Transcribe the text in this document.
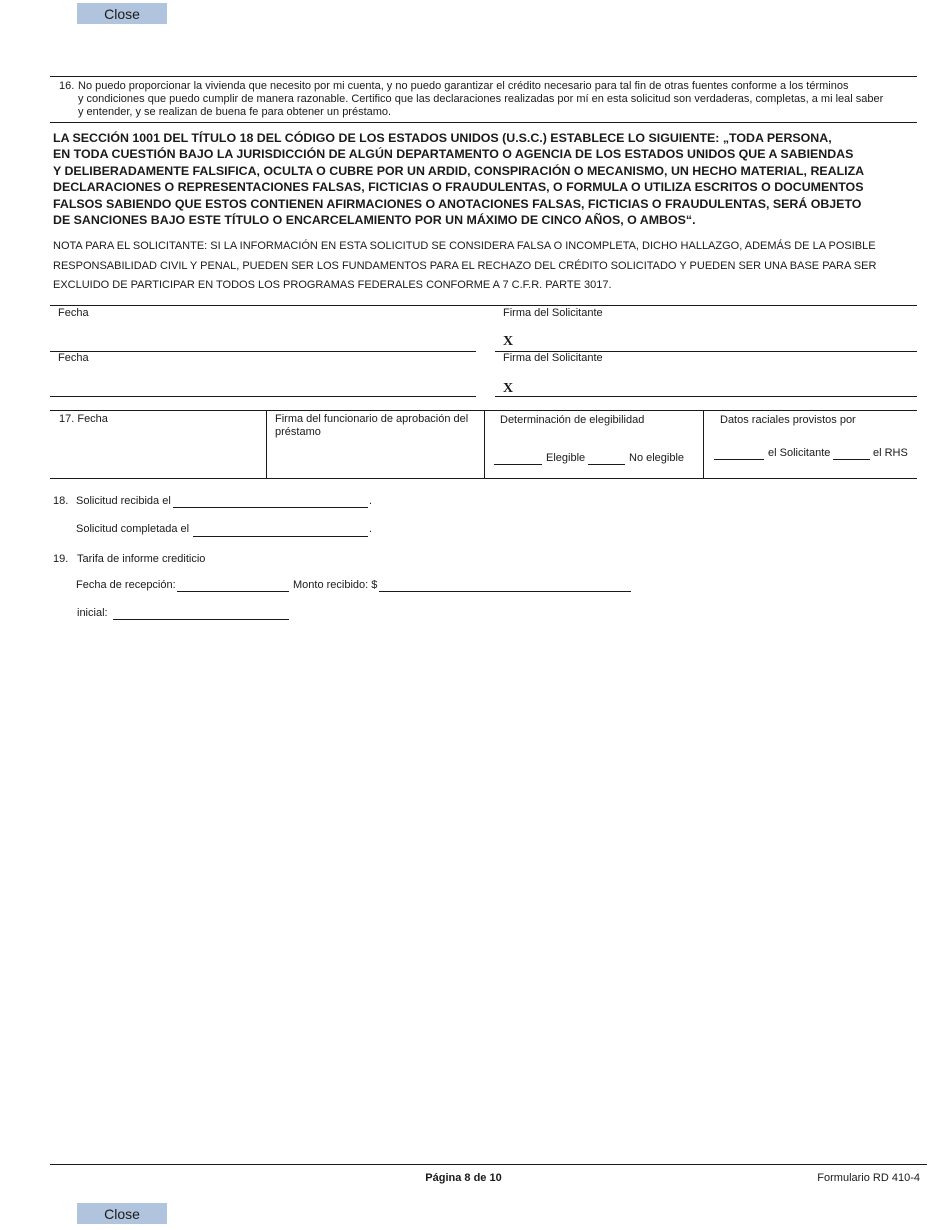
Close
16. No puedo proporcionar la vivienda que necesito por mi cuenta, y no puedo garantizar el crédito necesario para tal fin de otras fuentes conforme a los términos
y condiciones que puedo cumplir de manera razonable. Certifico que las declaraciones realizadas por mí en esta solicitud son verdaderas, completas, a mi leal saber
y entender, y se realizan de buena fe para obtener un préstamo.
LA SECCIÓN 1001 DEL TÍTULO 18 DEL CÓDIGO DE LOS ESTADOS UNIDOS (U.S.C.) ESTABLECE LO SIGUIENTE: „TODA PERSONA,
EN TODA CUESTIÓN BAJO LA JURISDICCIÓN DE ALGÚN DEPARTAMENTO O AGENCIA DE LOS ESTADOS UNIDOS QUE A SABIENDAS
Y DELIBERADAMENTE FALSIFICA, OCULTA O CUBRE POR UN ARDID, CONSPIRACIÓN O MECANISMO, UN HECHO MATERIAL, REALIZA
DECLARACIONES O REPRESENTACIONES FALSAS, FICTICIAS O FRAUDULENTAS, O FORMULA O UTILIZA ESCRITOS O DOCUMENTOS
FALSOS SABIENDO QUE ESTOS CONTIENEN AFIRMACIONES O ANOTACIONES FALSAS, FICTICIAS O FRAUDULENTAS, SERÁ OBJETO
DE SANCIONES BAJO ESTE TÍTULO O ENCARCELAMIENTO POR UN MÁXIMO DE CINCO AÑOS, O AMBOS“.
NOTA PARA EL SOLICITANTE: SI LA INFORMACIÓN EN ESTA SOLICITUD SE CONSIDERA FALSA O INCOMPLETA, DICHO HALLAZGO, ADEMÁS DE LA POSIBLE
RESPONSABILIDAD CIVIL Y PENAL, PUEDEN SER LOS FUNDAMENTOS PARA EL RECHAZO DEL CRÉDITO SOLICITADO Y PUEDEN SER UNA BASE PARA SER
EXCLUIDO DE PARTICIPAR EN TODOS LOS PROGRAMAS FEDERALES CONFORME A 7 C.F.R. PARTE 3017.
Fecha	Firma del Solicitante
X
Fecha	Firma del Solicitante
X
17. Fecha	Firma del funcionario de aprobación del préstamo
Determinación de elegibilidad
Elegible	No elegible
Datos raciales provistos por
el Solicitante	el RHS
18. Solicitud recibida el	.
Solicitud completada el	.
19. Tarifa de informe crediticio
Fecha de recepción:	Monto recibido: $
inicial:
Página 8 de 10	Formulario RD 410-4
Close
